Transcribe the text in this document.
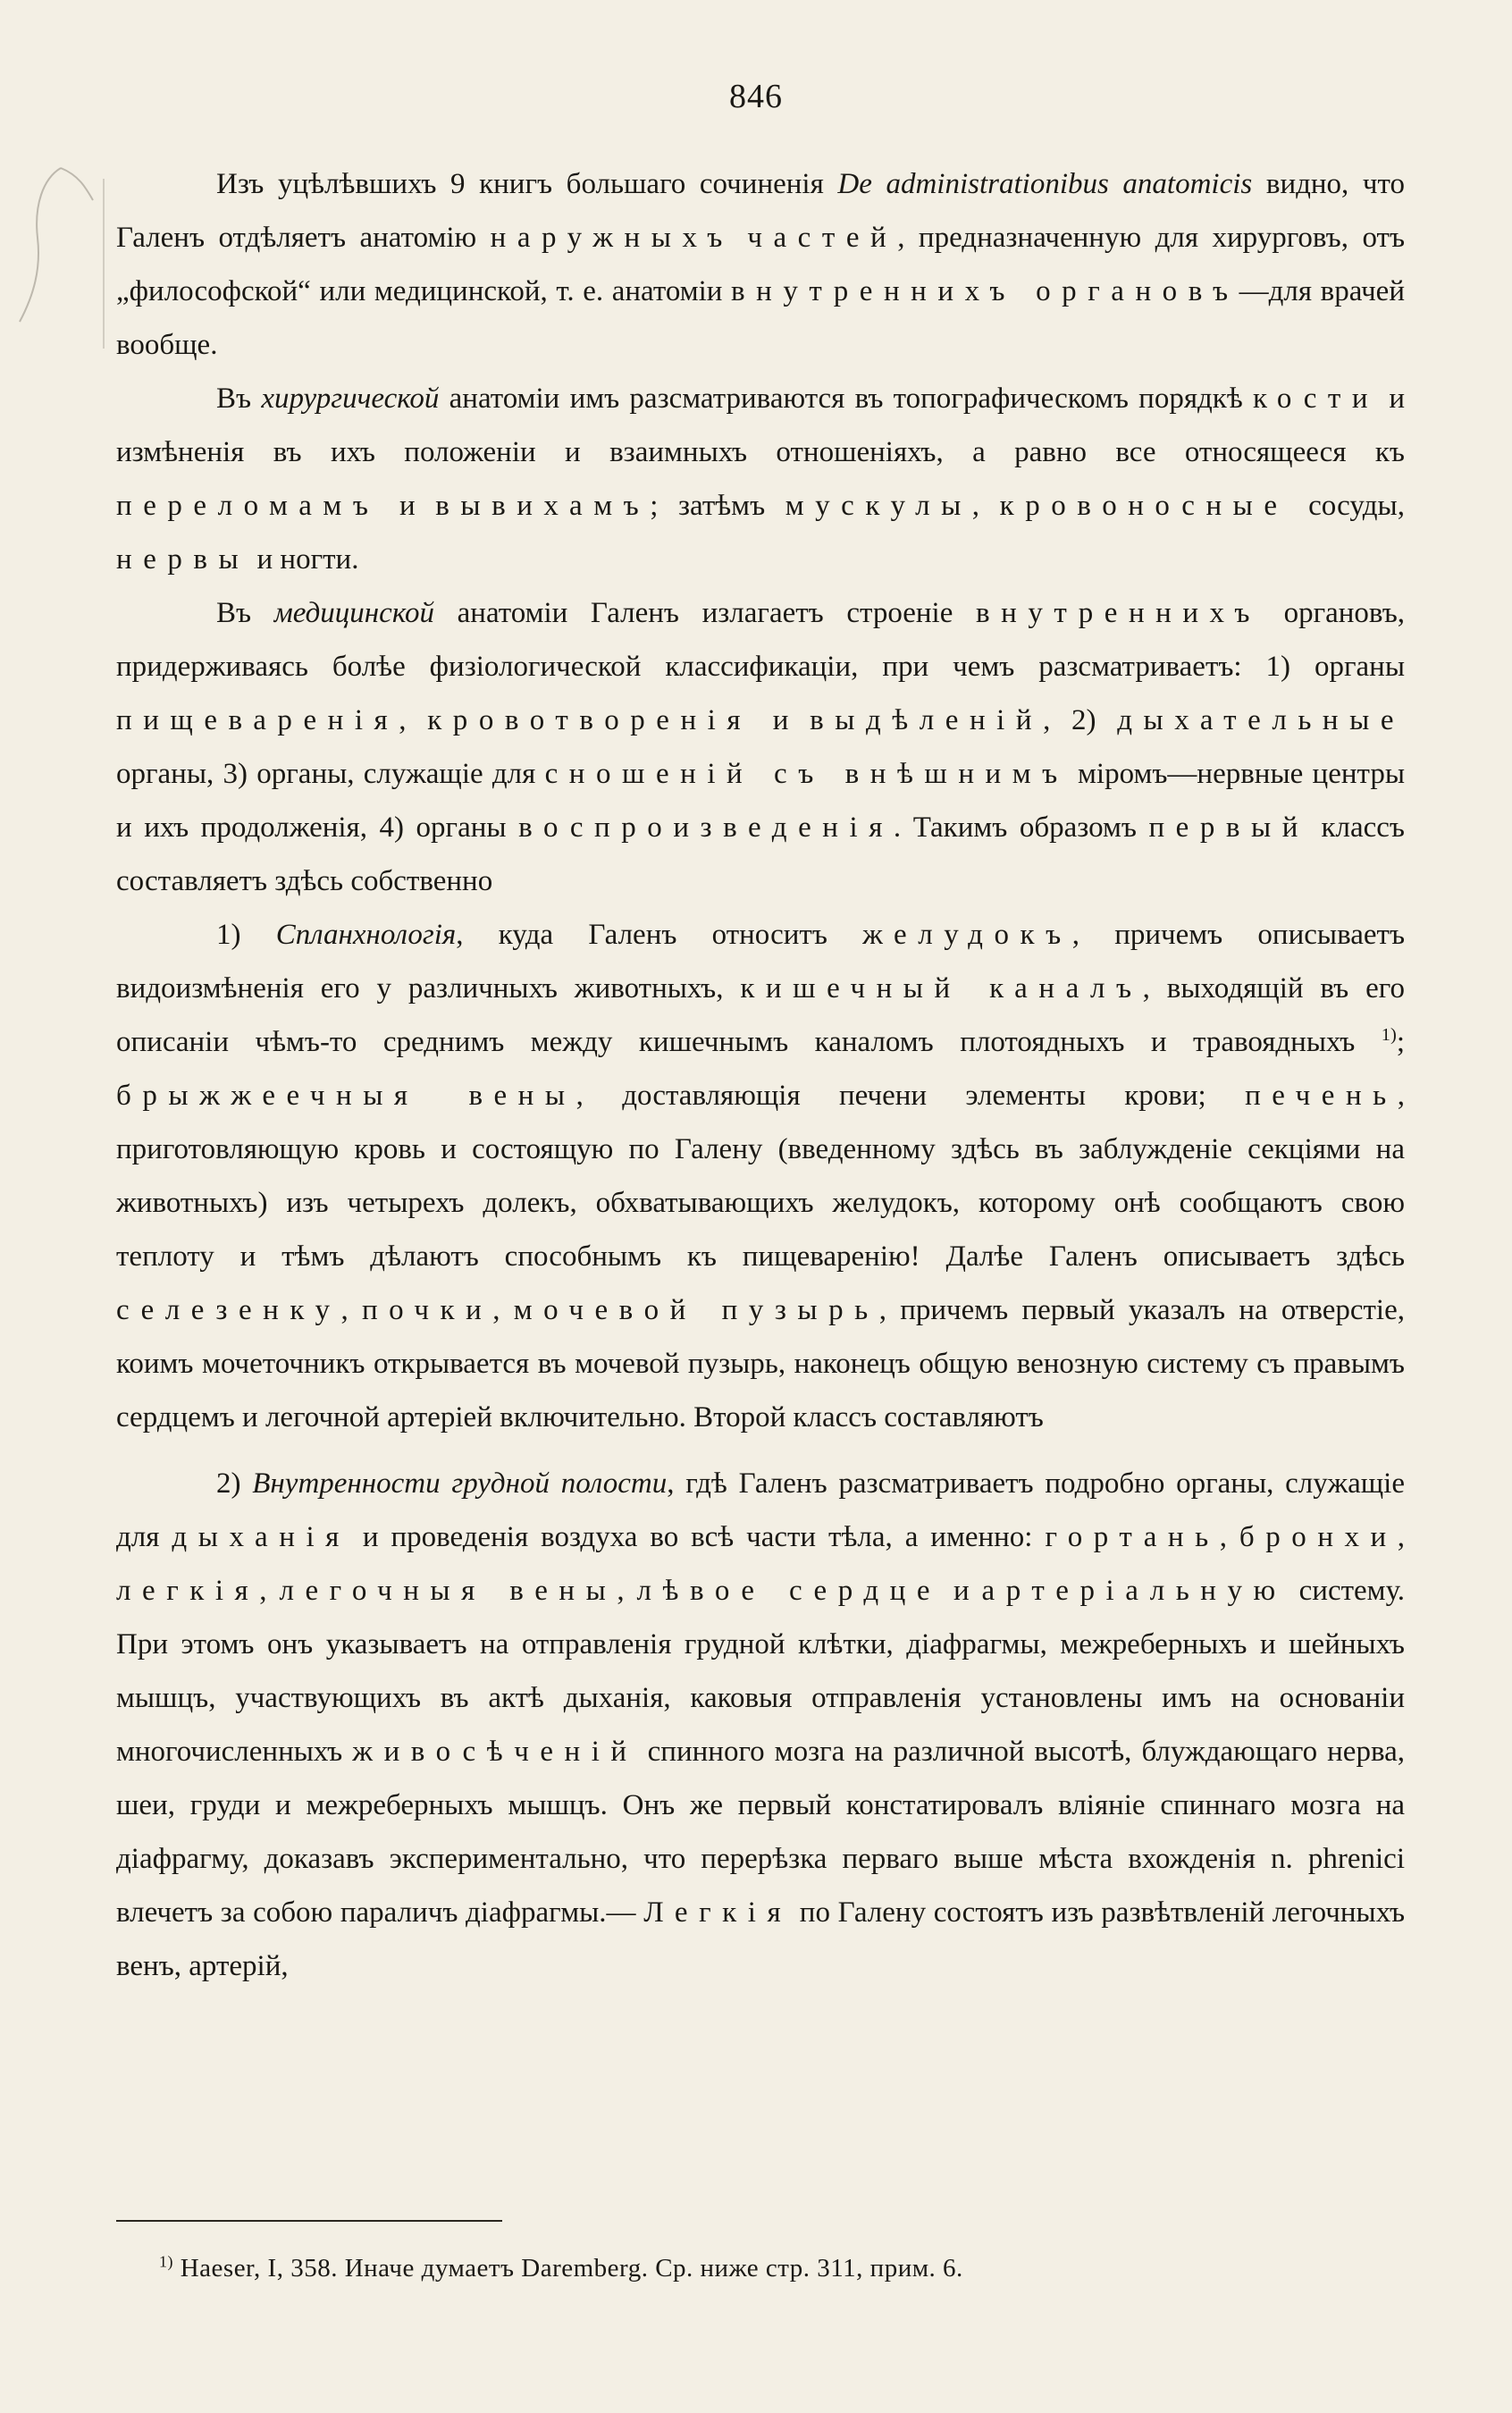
846

Изъ уцѣлѣвшихъ 9 книгъ большаго сочиненія De administrationibus anatomicis видно, что Галенъ отдѣляетъ анатомію наружныхъ частей, предназначенную для хирурговъ, отъ „философской“ или медицинской, т. е. анатоміи внутреннихъ органовъ—для врачей вообще.

Въ хирургической анатоміи имъ разсматриваются въ топографическомъ порядкѣ кости и измѣненія въ ихъ положеніи и взаимныхъ отношеніяхъ, а равно все относящееся къ переломамъ и вывихамъ; затѣмъ мускулы, кровоносные сосуды, нервы и ногти.

Въ медицинской анатоміи Галенъ излагаетъ строеніе внутреннихъ органовъ, придерживаясь болѣе физіологической классификаціи, при чемъ разсматриваетъ: 1) органы пищеваренія, кровотворенія и выдѣленій, 2) дыхательные органы, 3) органы, служащіе для сношеній съ внѣшнимъ міромъ—нервные центры и ихъ продолженія, 4) органы воспроизведенія. Такимъ образомъ первый классъ составляетъ здѣсь собственно

1) Спланхнологія, куда Галенъ относитъ желудокъ, причемъ описываетъ видоизмѣненія его у различныхъ животныхъ, кишечный каналъ, выходящій въ его описаніи чѣмъ-то среднимъ между кишечнымъ каналомъ плотоядныхъ и травоядныхъ $^{1)}$; брыжжеечныя вены, доставляющія печени элементы крови; печень, приготовляющую кровь и состоящую по Галену (введенному здѣсь въ заблужденіе секціями на животныхъ) изъ четырехъ долекъ, обхватывающихъ желудокъ, которому онѣ сообщаютъ свою теплоту и тѣмъ дѣлаютъ способнымъ къ пищеваренію! Далѣе Галенъ описываетъ здѣсь селезенку, почки, мочевой пузырь, причемъ первый указалъ на отверстіе, коимъ мочеточникъ открывается въ мочевой пузырь, наконецъ общую венозную систему съ правымъ сердцемъ и легочной артеріей включительно. Второй классъ составляютъ

2) Внутренности грудной полости, гдѣ Галенъ разсматриваетъ подробно органы, служащіе для дыханія и проведенія воздуха во всѣ части тѣла, а именно: гортань, бронхи, легкія, легочныя вены, лѣвое сердце и артеріальную систему. При этомъ онъ указываетъ на отправленія грудной клѣтки, діафрагмы, межреберныхъ и шейныхъ мышцъ, участвующихъ въ актѣ дыханія, каковыя отправленія установлены имъ на основаніи многочисленныхъ живосѣченій спинного мозга на различной высотѣ, блуждающаго нерва, шеи, груди и межреберныхъ мышцъ. Онъ же первый констатировалъ вліяніе спиннаго мозга на діафрагму, доказавъ экспериментально, что перерѣзка перваго выше мѣста вхожденія n. phrenici влечетъ за собою параличъ діафрагмы.— Легкія по Галену состоятъ изъ развѣтвленій легочныхъ венъ, артерій,

$^{1)}$ Haeser, I, 358. Иначе думаетъ Daremberg. Ср. ниже стр. 311, прим. 6.
